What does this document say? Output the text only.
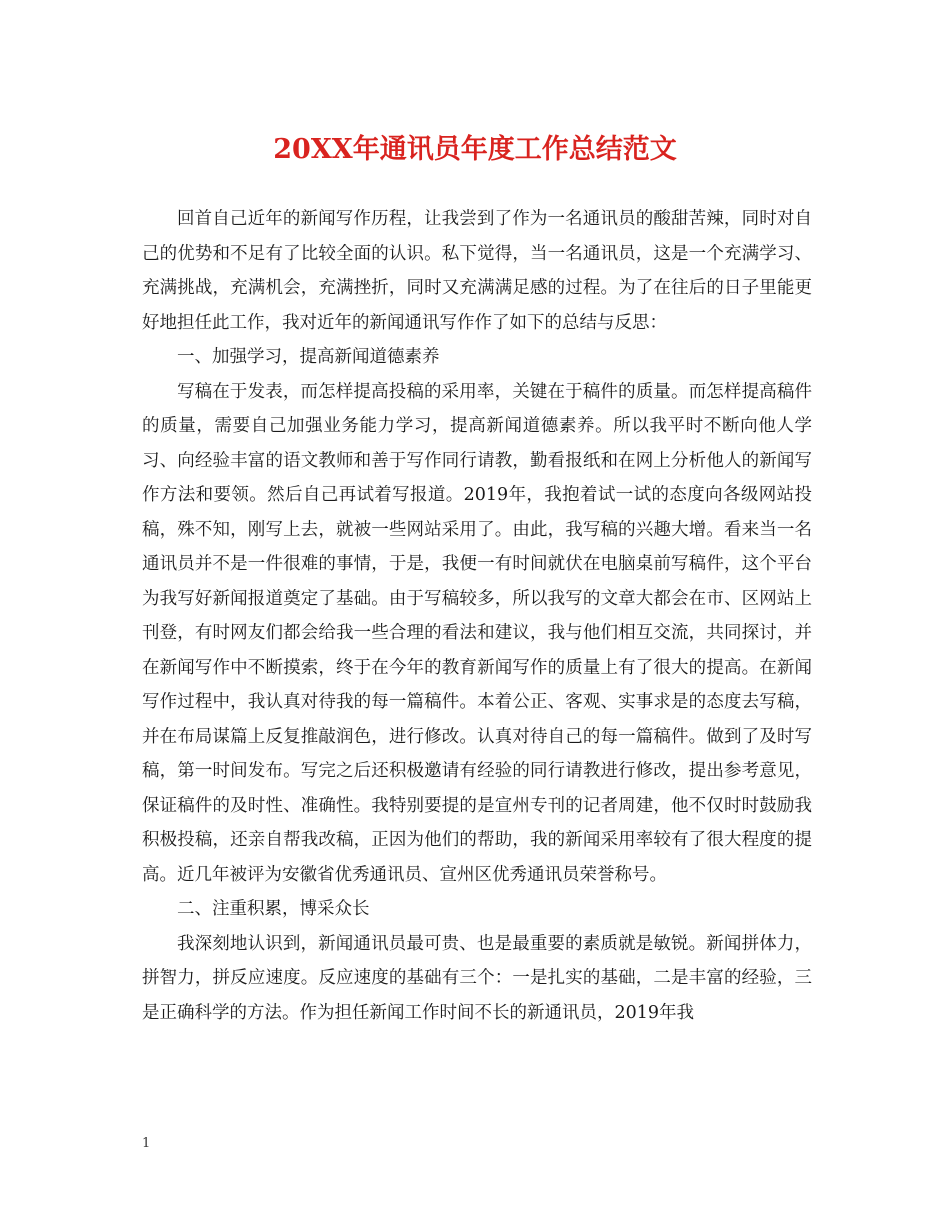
20XX年通讯员年度工作总结范文

回首自己近年的新闻写作历程，让我尝到了作为一名通讯员的酸甜苦辣，同时对自己的优势和不足有了比较全面的认识。私下觉得，当一名通讯员，这是一个充满学习、充满挑战，充满机会，充满挫折，同时又充满满足感的过程。为了在往后的日子里能更好地担任此工作，我对近年的新闻通讯写作作了如下的总结与反思：

一、加强学习，提高新闻道德素养

写稿在于发表，而怎样提高投稿的采用率，关键在于稿件的质量。而怎样提高稿件的质量，需要自己加强业务能力学习，提高新闻道德素养。所以我平时不断向他人学习、向经验丰富的语文教师和善于写作同行请教，勤看报纸和在网上分析他人的新闻写作方法和要领。然后自己再试着写报道。2019年，我抱着试一试的态度向各级网站投稿，殊不知，刚写上去，就被一些网站采用了。由此，我写稿的兴趣大增。看来当一名通讯员并不是一件很难的事情，于是，我便一有时间就伏在电脑桌前写稿件，这个平台为我写好新闻报道奠定了基础。由于写稿较多，所以我写的文章大都会在市、区网站上刊登，有时网友们都会给我一些合理的看法和建议，我与他们相互交流，共同探讨，并在新闻写作中不断摸索，终于在今年的教育新闻写作的质量上有了很大的提高。在新闻写作过程中，我认真对待我的每一篇稿件。本着公正、客观、实事求是的态度去写稿，并在布局谋篇上反复推敲润色，进行修改。认真对待自己的每一篇稿件。做到了及时写稿，第一时间发布。写完之后还积极邀请有经验的同行请教进行修改，提出参考意见，保证稿件的及时性、准确性。我特别要提的是宣州专刊的记者周建，他不仅时时鼓励我积极投稿，还亲自帮我改稿，正因为他们的帮助，我的新闻采用率较有了很大程度的提高。近几年被评为安徽省优秀通讯员、宣州区优秀通讯员荣誉称号。

二、注重积累，博采众长

我深刻地认识到，新闻通讯员最可贵、也是最重要的素质就是敏锐。新闻拼体力，拼智力，拼反应速度。反应速度的基础有三个：一是扎实的基础，二是丰富的经验，三是正确科学的方法。作为担任新闻工作时间不长的新通讯员，2019年我

1
